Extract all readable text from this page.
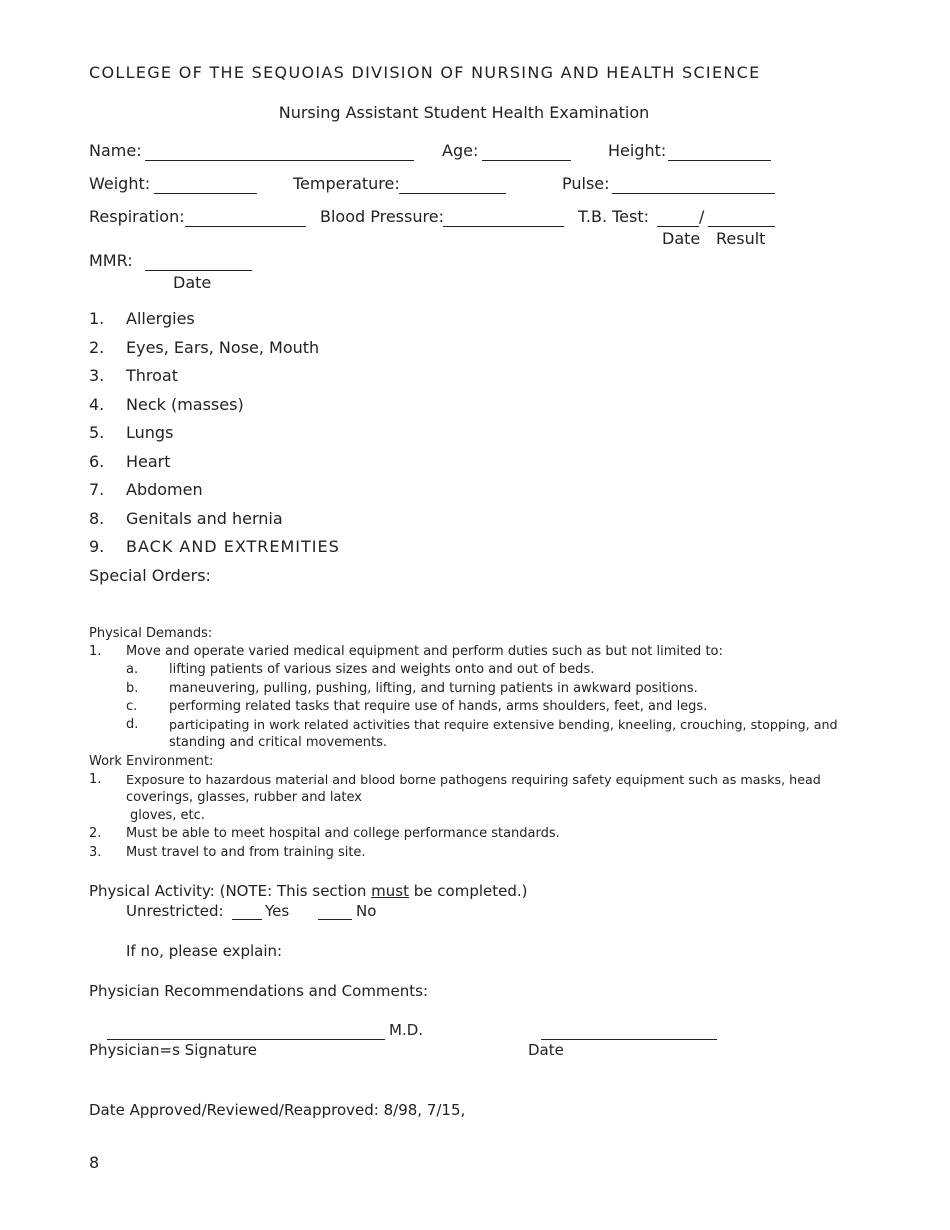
COLLEGE OF THE SEQUOIAS DIVISION OF NURSING AND HEALTH SCIENCE
Nursing Assistant Student Health Examination
Name:	Age:	Height:
Weight:	Temperature:	Pulse:
Respiration:	Blood Pressure:	T.B. Test:	/
Date Result
MMR:
Date
1. Allergies
2. Eyes, Ears, Nose, Mouth
3. Throat
4. Neck (masses)
5. Lungs
6. Heart
7. Abdomen
8. Genitals and hernia
9. BACK AND EXTREMITIES
Special Orders:
Physical Demands:
1. Move and operate varied medical equipment and perform duties such as but not limited to:
a. lifting patients of various sizes and weights onto and out of beds.
b. maneuvering, pulling, pushing, lifting, and turning patients in awkward positions.
c. performing related tasks that require use of hands, arms shoulders, feet, and legs.
d. participating in work related activities that require extensive bending, kneeling, crouching, stopping, and
standing and critical movements.
Work Environment:
1. Exposure to hazardous material and blood borne pathogens requiring safety equipment such as masks, head
coverings, glasses, rubber and latex
gloves, etc.
2. Must be able to meet hospital and college performance standards.
3. Must travel to and from training site.
Physical Activity: (NOTE: This section must be completed.)
Unrestricted:	Yes	No
If no, please explain:
Physician Recommendations and Comments:
M.D.
Physician=s Signature	Date
Date Approved/Reviewed/Reapproved: 8/98, 7/15,
8
